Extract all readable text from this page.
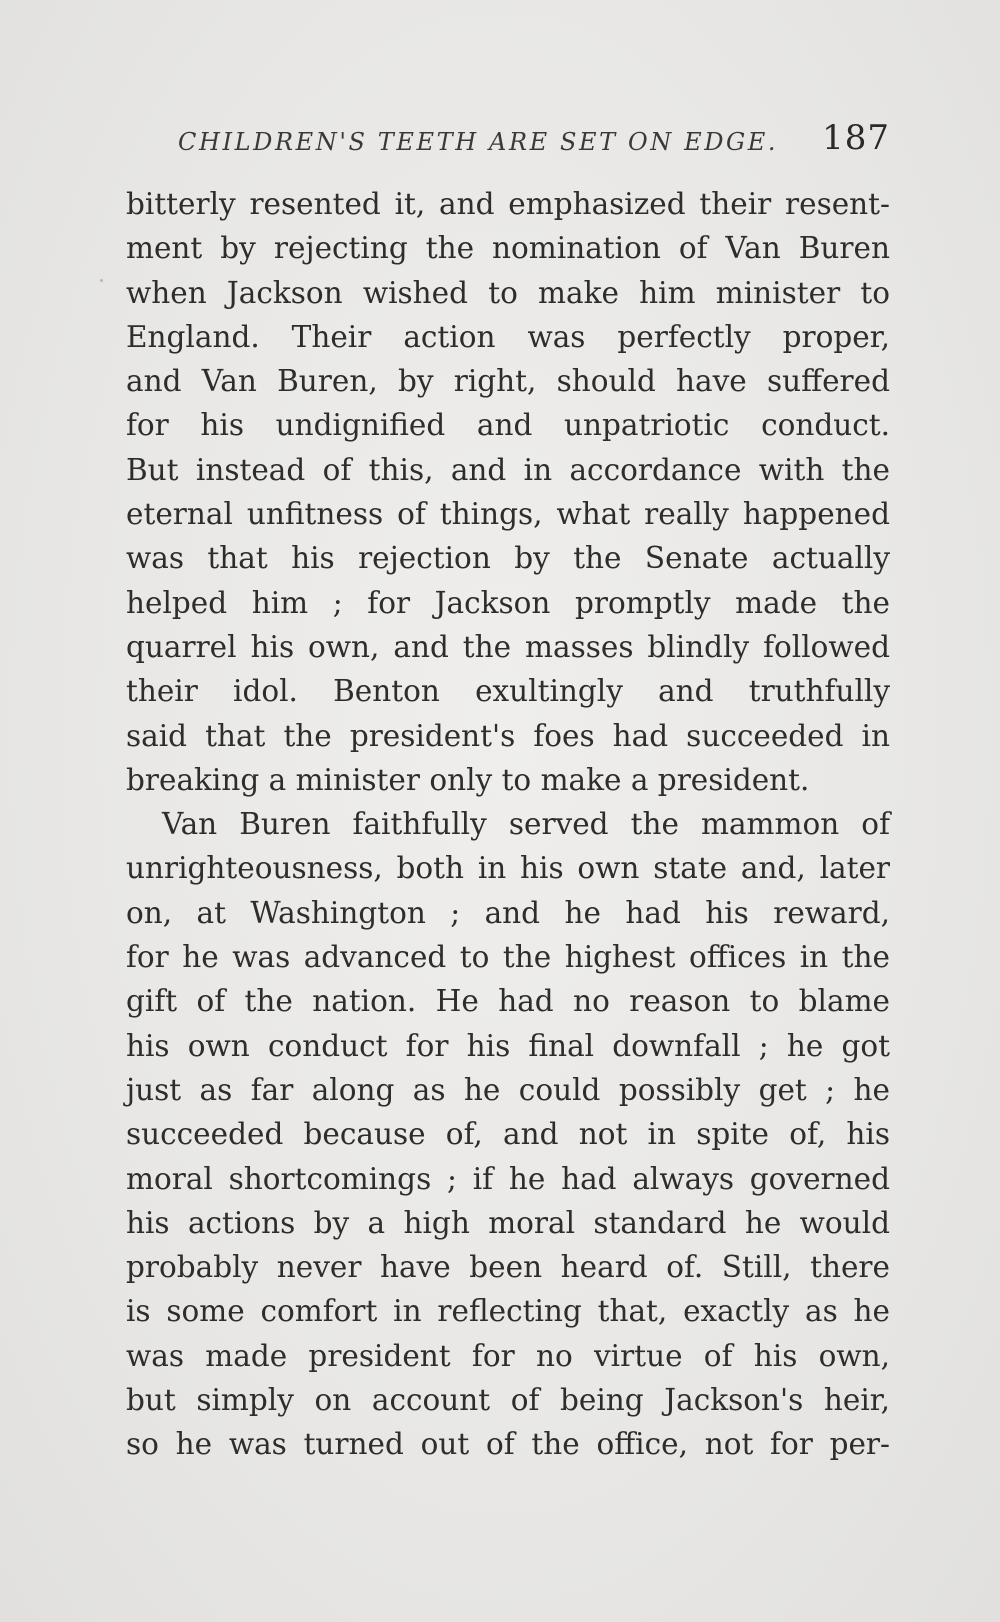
CHILDREN'S TEETH ARE SET ON EDGE. 187
bitterly resented it, and emphasized their resent-
ment by rejecting the nomination of Van Buren
when Jackson wished to make him minister to
England. Their action was perfectly proper,
and Van Buren, by right, should have suffered
for his undignified and unpatriotic conduct.
But instead of this, and in accordance with the
eternal unfitness of things, what really happened
was that his rejection by the Senate actually
helped him ; for Jackson promptly made the
quarrel his own, and the masses blindly followed
their idol. Benton exultingly and truthfully
said that the president's foes had succeeded in
breaking a minister only to make a president.
Van Buren faithfully served the mammon of
unrighteousness, both in his own state and, later
on, at Washington ; and he had his reward,
for he was advanced to the highest offices in the
gift of the nation. He had no reason to blame
his own conduct for his final downfall ; he got
just as far along as he could possibly get ; he
succeeded because of, and not in spite of, his
moral shortcomings ; if he had always governed
his actions by a high moral standard he would
probably never have been heard of. Still, there
is some comfort in reflecting that, exactly as he
was made president for no virtue of his own,
but simply on account of being Jackson's heir,
so he was turned out of the office, not for per-
